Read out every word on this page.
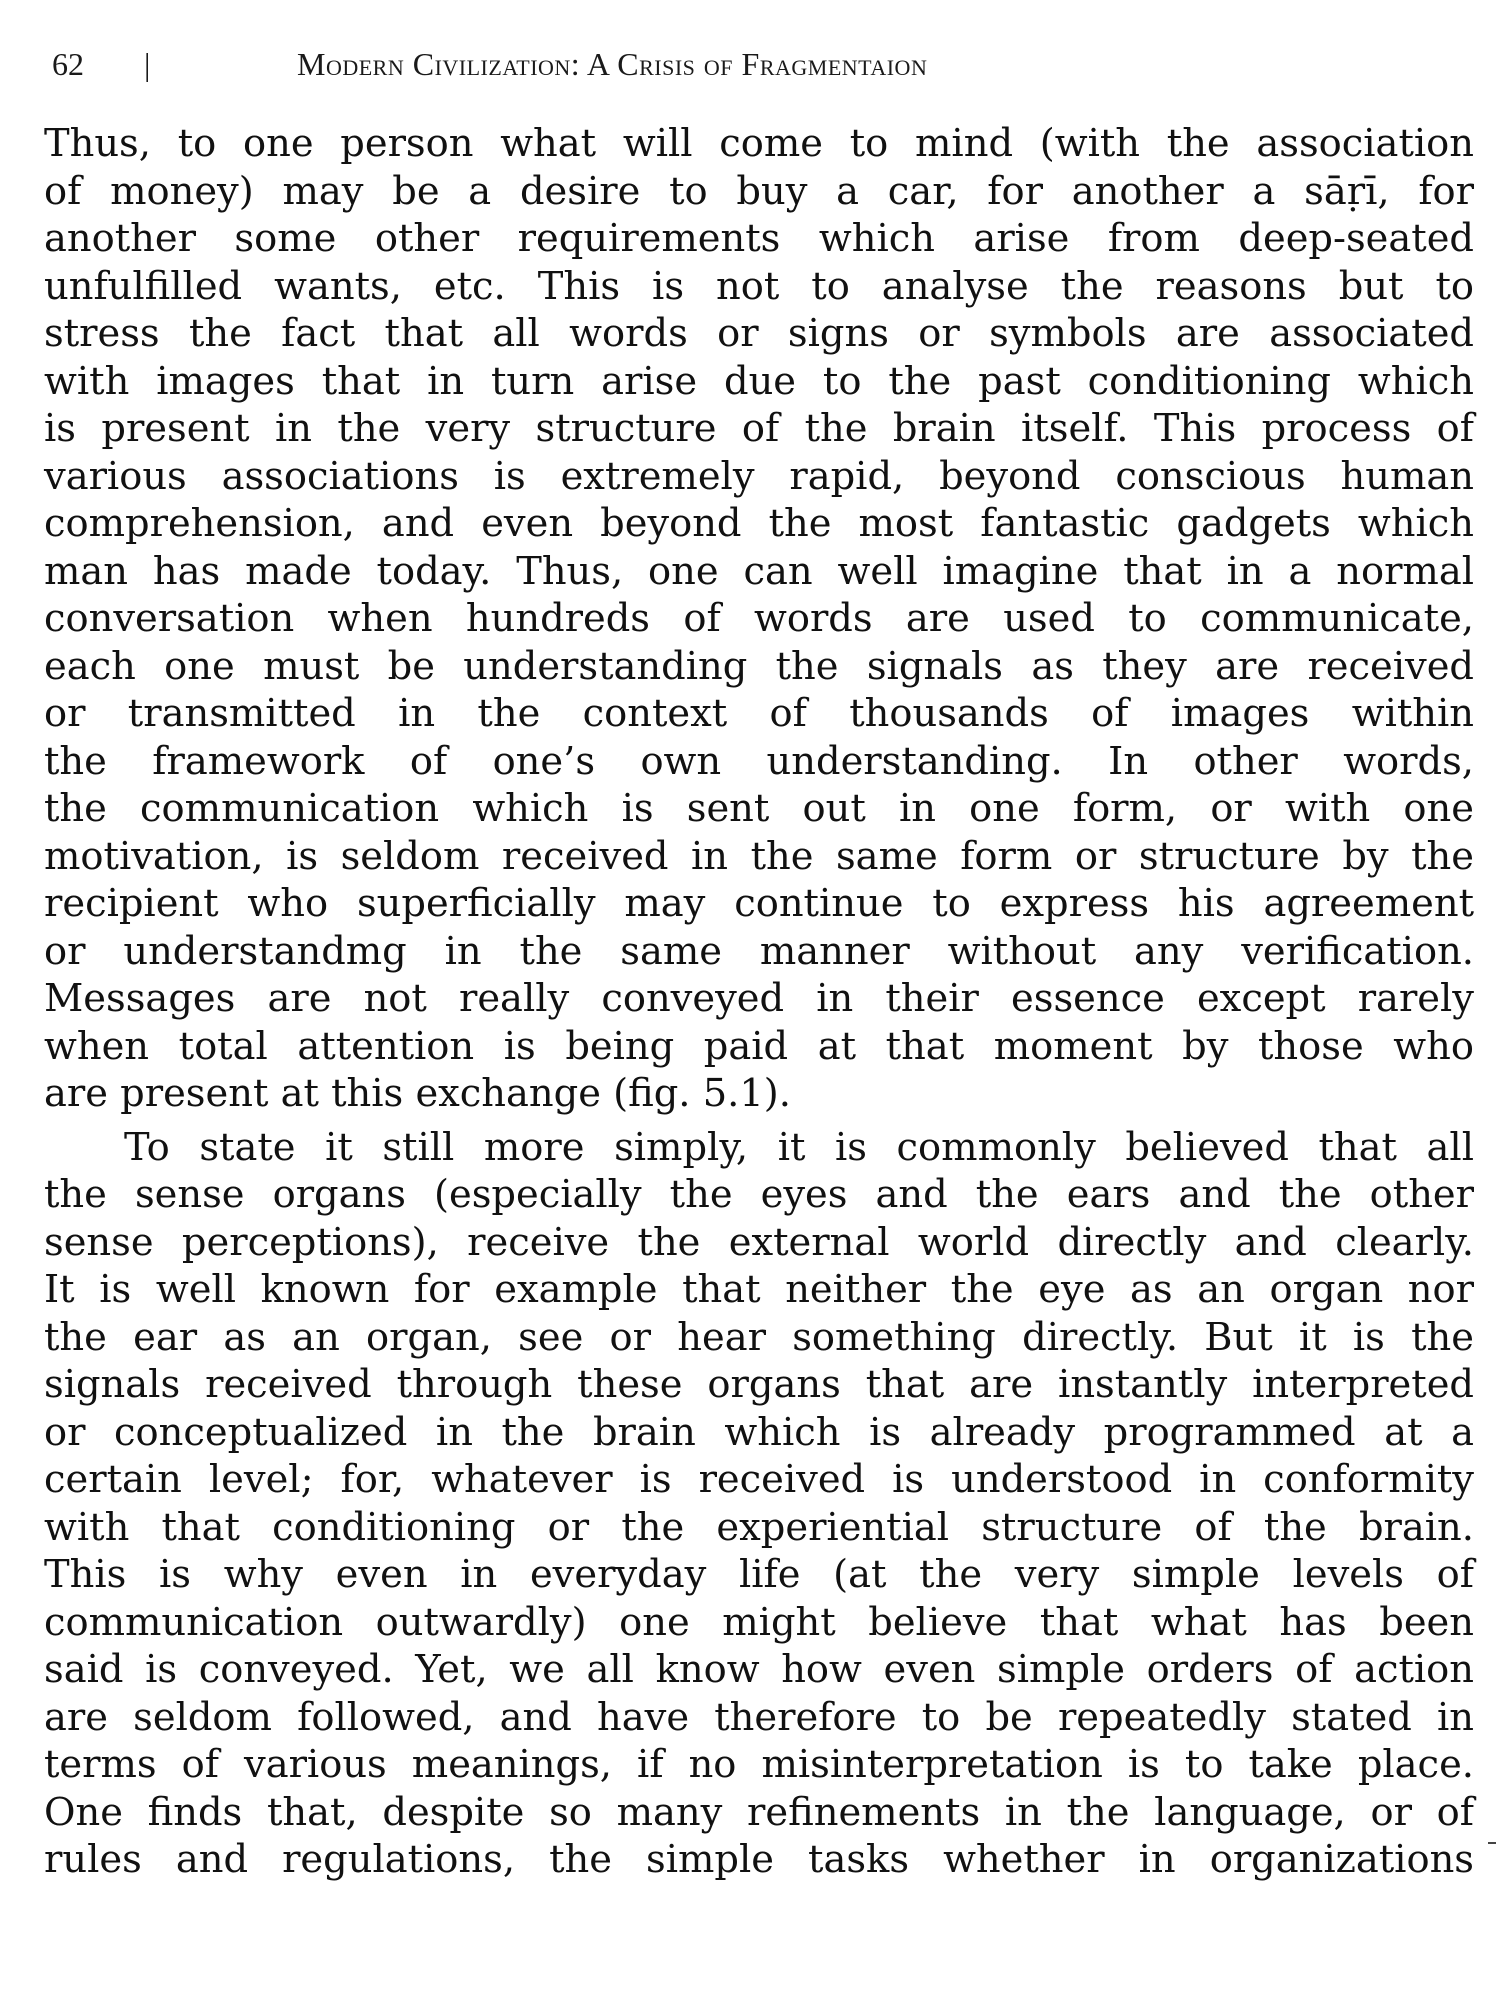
62 |	Modern Civilization: A Crisis of Fragmentaion
Thus, to one person what will come to mind (with the association
of money) may be a desire to buy a car, for another a sāṛī, for
another some other requirements which arise from deep-seated
unfulfilled wants, etc. This is not to analyse the reasons but to
stress the fact that all words or signs or symbols are associated
with images that in turn arise due to the past conditioning which
is present in the very structure of the brain itself. This process of
various associations is extremely rapid, beyond conscious human
comprehension, and even beyond the most fantastic gadgets which
man has made today. Thus, one can well imagine that in a normal
conversation when hundreds of words are used to communicate,
each one must be understanding the signals as they are received
or transmitted in the context of thousands of images within
the framework of one’s own understanding. In other words,
the communication which is sent out in one form, or with one
motivation, is seldom received in the same form or structure by the
recipient who superficially may continue to express his agreement
or understandmg in the same manner without any verification.
Messages are not really conveyed in their essence except rarely
when total attention is being paid at that moment by those who
are present at this exchange (fig. 5.1).
To state it still more simply, it is commonly believed that all
the sense organs (especially the eyes and the ears and the other
sense perceptions), receive the external world directly and clearly.
It is well known for example that neither the eye as an organ nor
the ear as an organ, see or hear something directly. But it is the
signals received through these organs that are instantly interpreted
or conceptualized in the brain which is already programmed at a
certain level; for, whatever is received is understood in conformity
with that conditioning or the experiential structure of the brain.
This is why even in everyday life (at the very simple levels of
communication outwardly) one might believe that what has been
said is conveyed. Yet, we all know how even simple orders of action
are seldom followed, and have therefore to be repeatedly stated in
terms of various meanings, if no misinterpretation is to take place.
One finds that, despite so many refinements in the language, or of
rules and regulations, the simple tasks whether in organizations
